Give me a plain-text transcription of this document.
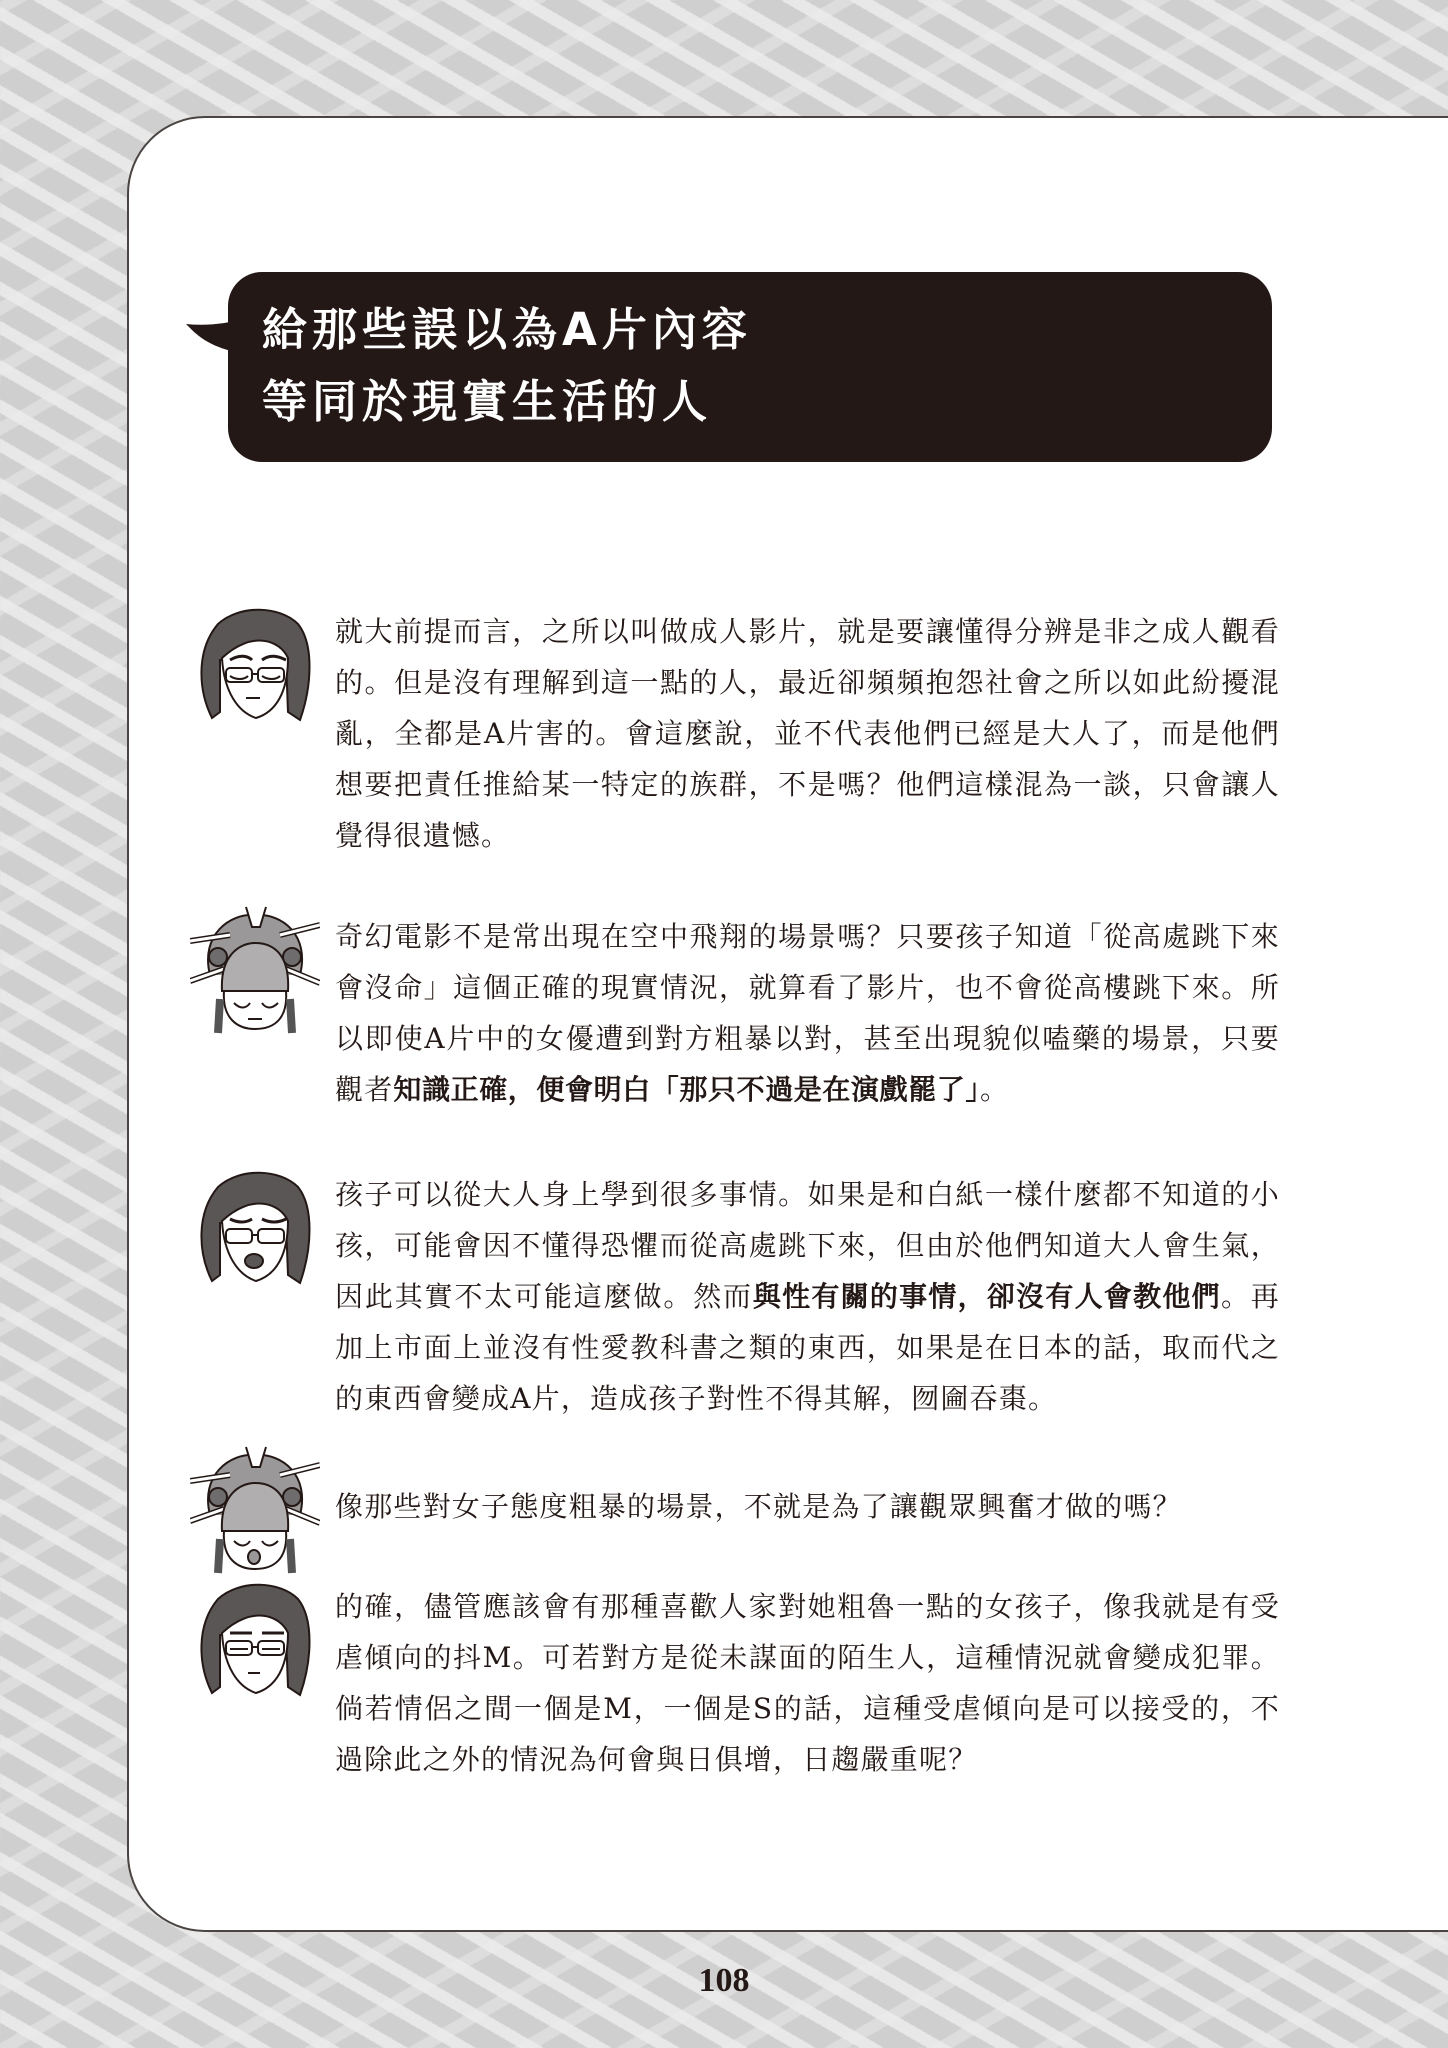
給那些誤以為A片內容
等同於現實生活的人
就大前提而言，之所以叫做成人影片，就是要讓懂得分辨是非之成人觀看的。但是沒有理解到這一點的人，最近卻頻頻抱怨社會之所以如此紛擾混亂，全都是A片害的。會這麼說，並不代表他們已經是大人了，而是他們想要把責任推給某一特定的族群，不是嗎？他們這樣混為一談，只會讓人覺得很遺憾。
奇幻電影不是常出現在空中飛翔的場景嗎？只要孩子知道「從高處跳下來會沒命」這個正確的現實情況，就算看了影片，也不會從高樓跳下來。所以即使A片中的女優遭到對方粗暴以對，甚至出現貌似嗑藥的場景，只要觀者知識正確，便會明白「那只不過是在演戲罷了」。
孩子可以從大人身上學到很多事情。如果是和白紙一樣什麼都不知道的小孩，可能會因不懂得恐懼而從高處跳下來，但由於他們知道大人會生氣，因此其實不太可能這麼做。然而與性有關的事情，卻沒有人會教他們。再加上市面上並沒有性愛教科書之類的東西，如果是在日本的話，取而代之的東西會變成A片，造成孩子對性不得其解，囫圇吞棗。
像那些對女子態度粗暴的場景，不就是為了讓觀眾興奮才做的嗎？
的確，儘管應該會有那種喜歡人家對她粗魯一點的女孩子，像我就是有受虐傾向的抖M。可若對方是從未謀面的陌生人，這種情況就會變成犯罪。倘若情侶之間一個是M，一個是S的話，這種受虐傾向是可以接受的，不過除此之外的情況為何會與日俱增，日趨嚴重呢？
108
